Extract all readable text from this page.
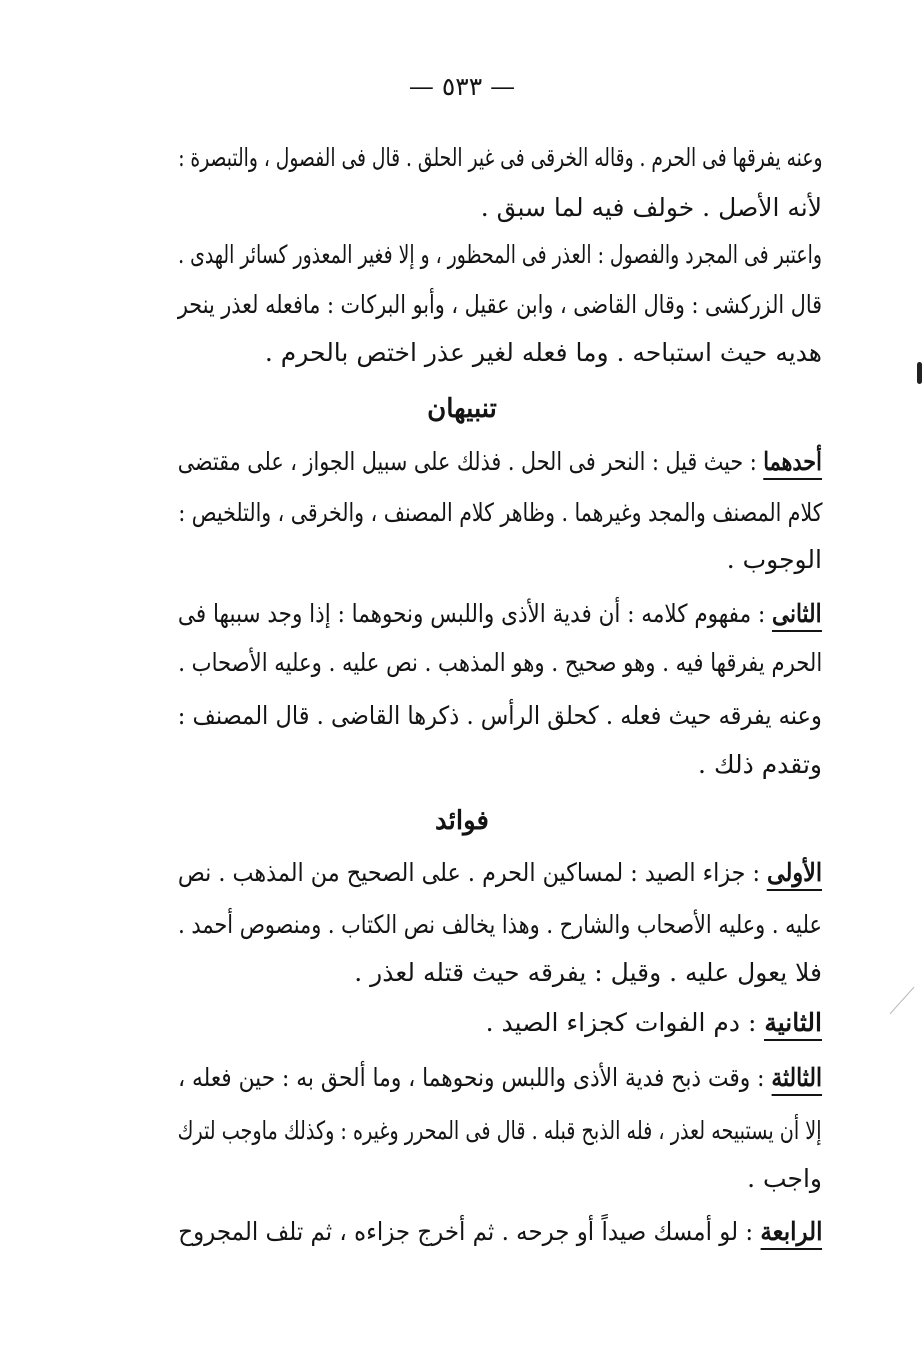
— ٥٣٣ —
وعنه يفرقها فى الحرم . وقاله الخرقى فى غير الحلق . قال فى الفصول ، والتبصرة :
لأنه الأصل . خولف فيه لما سبق .
واعتبر فى المجرد والفصول : العذر فى المحظور ، و إلا فغير المعذور كسائر الهدى .
قال الزركشى : وقال القاضى ، وابن عقيل ، وأبو البركات : مافعله لعذر ينحر
هديه حيث استباحه . وما فعله لغير عذر اختص بالحرم .
تنبيهان
أحدهما : حيث قيل : النحر فى الحل . فذلك على سبيل الجواز ، على مقتضى
كلام المصنف والمجد وغيرهما . وظاهر كلام المصنف ، والخرقى ، والتلخيص :
الوجوب .
الثانى : مفهوم كلامه : أن فدية الأذى واللبس ونحوهما : إذا وجد سببها فى
الحرم يفرقها فيه . وهو صحيح . وهو المذهب . نص عليه . وعليه الأصحاب .
وعنه يفرقه حيث فعله . كحلق الرأس . ذكرها القاضى . قال المصنف :
وتقدم ذلك .
فوائد
الأولى : جزاء الصيد : لمساكين الحرم . على الصحيح من المذهب . نص
عليه . وعليه الأصحاب والشارح . وهذا يخالف نص الكتاب . ومنصوص أحمد .
فلا يعول عليه . وقيل : يفرقه حيث قتله لعذر .
الثانية : دم الفوات كجزاء الصيد .
الثالثة : وقت ذبح فدية الأذى واللبس ونحوهما ، وما ألحق به : حين فعله ،
إلا أن يستبيحه لعذر ، فله الذبح قبله . قال فى المحرر وغيره : وكذلك ماوجب لترك
واجب .
الرابعة : لو أمسك صيداً أو جرحه . ثم أخرج جزاءه ، ثم تلف المجروح
